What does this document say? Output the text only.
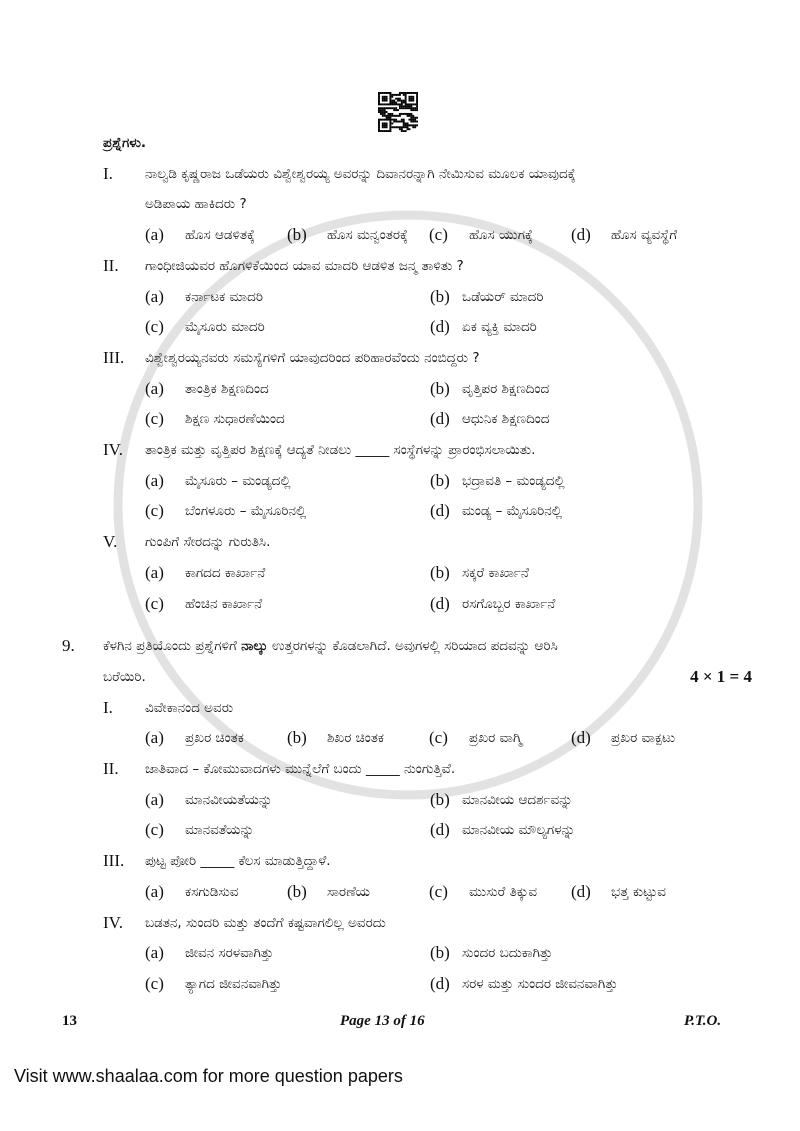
ಪ್ರಶ್ನೆಗಳು.
I.	ನಾಲ್ವಡಿ ಕೃಷ್ಣರಾಜ ಒಡೆಯರು ವಿಶ್ವೇಶ್ವರಯ್ಯ ಅವರನ್ನು ದಿವಾನರನ್ನಾಗಿ ನೇಮಿಸುವ ಮೂಲಕ ಯಾವುದಕ್ಕೆ
ಅಡಿಪಾಯ ಹಾಕಿದರು ?
(a)	ಹೊಸ ಆಡಳಿತಕ್ಕೆ (b)	ಹೊಸ ಮನ್ವಂತರಕ್ಕೆ (c)	ಹೊಸ ಯುಗಕ್ಕೆ (d)	ಹೊಸ ವ್ಯವಸ್ಥೆಗೆ
II.	ಗಾಂಧೀಜಿಯವರ ಹೊಗಳಿಕೆಯಿಂದ ಯಾವ ಮಾದರಿ ಆಡಳಿತ ಜನ್ಮ ತಾಳಿತು ?
(a)	ಕರ್ನಾಟಕ ಮಾದರಿ	(b) ಒಡೆಯರ್ ಮಾದರಿ
(c)	ಮೈಸೂರು ಮಾದರಿ	(d) ಏಕ ವ್ಯಕ್ತಿ ಮಾದರಿ
III.	ವಿಶ್ವೇಶ್ವರಯ್ಯನವರು ಸಮಸ್ಯೆಗಳಿಗೆ ಯಾವುದರಿಂದ ಪರಿಹಾರವೆಂದು ನಂಬಿದ್ದರು ?
(a)	ತಾಂತ್ರಿಕ ಶಿಕ್ಷಣದಿಂದ	(b) ವೃತ್ತಿಪರ ಶಿಕ್ಷಣದಿಂದ
(c)	ಶಿಕ್ಷಣ ಸುಧಾರಣೆಯಿಂದ	(d) ಆಧುನಿಕ ಶಿಕ್ಷಣದಿಂದ
IV.	ತಾಂತ್ರಿಕ ಮತ್ತು ವೃತ್ತಿಪರ ಶಿಕ್ಷಣಕ್ಕೆ ಆದ್ಯತೆ ನೀಡಲು _____ ಸಂಸ್ಥೆಗಳನ್ನು ಪ್ರಾರಂಭಿಸಲಾಯಿತು.
(a)	ಮೈಸೂರು – ಮಂಡ್ಯದಲ್ಲಿ	(b) ಭದ್ರಾವತಿ – ಮಂಡ್ಯದಲ್ಲಿ
(c)	ಬೆಂಗಳೂರು – ಮೈಸೂರಿನಲ್ಲಿ	(d) ಮಂಡ್ಯ – ಮೈಸೂರಿನಲ್ಲಿ
V.	ಗುಂಪಿಗೆ ಸೇರದನ್ನು ಗುರುತಿಸಿ.
(a)	ಕಾಗದದ ಕಾರ್ಖಾನೆ	(b) ಸಕ್ಕರೆ ಕಾರ್ಖಾನೆ
(c)	ಹೆಂಚಿನ ಕಾರ್ಖಾನೆ	(d) ರಸಗೊಬ್ಬರ ಕಾರ್ಖಾನೆ
9.	ಕೆಳಗಿನ ಪ್ರತಿಯೊಂದು ಪ್ರಶ್ನೆಗಳಿಗೆ ನಾಲ್ಕು ಉತ್ತರಗಳನ್ನು ಕೊಡಲಾಗಿದೆ. ಅವುಗಳಲ್ಲಿ ಸರಿಯಾದ ಪದವನ್ನು ಆರಿಸಿ
ಬರೆಯಿರಿ.	4 × 1 = 4
I.	ವಿವೇಕಾನಂದ ಅವರು
(a)	ಪ್ರಖರ ಚಿಂತಕ	(b)	ಶಿಖರ ಚಿಂತಕ	(c)	ಪ್ರಖರ ವಾಗ್ಮಿ	(d)	ಪ್ರಖರ ವಾಕ್ಪಟು
II.	ಜಾತಿವಾದ – ಕೋಮುವಾದಗಳು ಮುನ್ನೆಲೆಗೆ ಬಂದು _____ ನುಂಗುತ್ತಿವೆ.
(a)	ಮಾನವೀಯತೆಯನ್ನು	(b) ಮಾನವೀಯ ಆದರ್ಶವನ್ನು
(c)	ಮಾನವತೆಯನ್ನು	(d) ಮಾನವೀಯ ಮೌಲ್ಯಗಳನ್ನು
III.	ಪುಟ್ಟ ಪೋರಿ _____ ಕೆಲಸ ಮಾಡುತ್ತಿದ್ದಾಳೆ.
(a)	ಕಸಗುಡಿಸುವ	(b)	ಸಾರಣೆಯ	(c)	ಮುಸುರೆ ತಿಕ್ಕುವ (d)	ಭತ್ತ ಕುಟ್ಟುವ
IV.	ಬಡತನ, ಸುಂದರಿ ಮತ್ತು ತಂದೆಗೆ ಕಷ್ಟವಾಗಲಿಲ್ಲ ಅವರದು
(a)	ಜೀವನ ಸರಳವಾಗಿತ್ತು	(b) ಸುಂದರ ಬದುಕಾಗಿತ್ತು
(c)	ತ್ಯಾಗದ ಜೀವನವಾಗಿತ್ತು	(d) ಸರಳ ಮತ್ತು ಸುಂದರ ಜೀವನವಾಗಿತ್ತು
13	Page 13 of 16	P.T.O.
Visit www.shaalaa.com for more question papers
